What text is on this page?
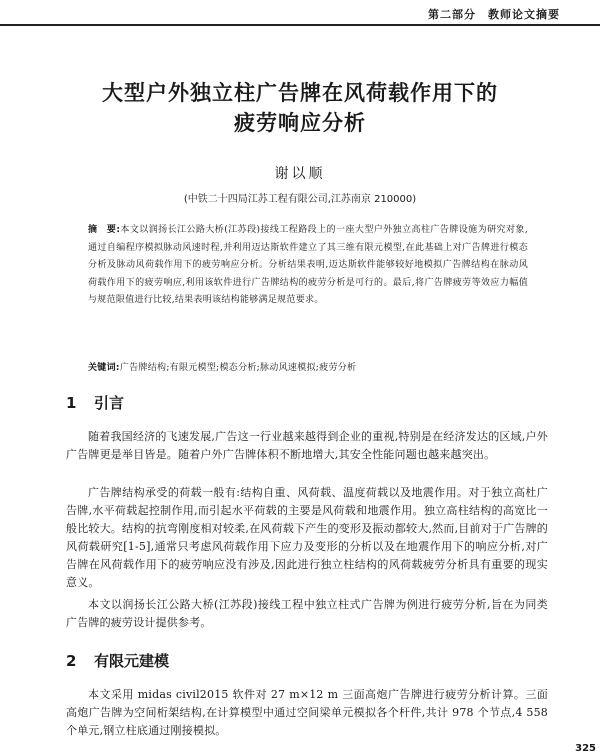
第二部分　教师论文摘要
大型户外独立柱广告牌在风荷载作用下的
疲劳响应分析
谢以顺
(中铁二十四局江苏工程有限公司,江苏南京 210000)
摘　要:本文以润扬长江公路大桥(江苏段)接线工程路段上的一座大型户外独立高柱广告牌设施为研究对象,通过自编程序模拟脉动风速时程,并利用迈达斯软件建立了其三维有限元模型,在此基础上对广告牌进行模态分析及脉动风荷载作用下的疲劳响应分析。分析结果表明,迈达斯软件能够较好地模拟广告牌结构在脉动风荷载作用下的疲劳响应,利用该软件进行广告牌结构的疲劳分析是可行的。最后,将广告牌疲劳等效应力幅值与规范限值进行比较,结果表明该结构能够满足规范要求。
关键词:广告牌结构;有限元模型;模态分析;脉动风速模拟;疲劳分析
1 引言
随着我国经济的飞速发展,广告这一行业越来越得到企业的重视,特别是在经济发达的区域,户外广告牌更是举目皆是。随着户外广告牌体积不断地增大,其安全性能问题也越来越突出。
广告牌结构承受的荷载一般有:结构自重、风荷载、温度荷载以及地震作用。对于独立高杜广告牌,水平荷载起控制作用,而引起水平荷载的主要是风荷载和地震作用。独立高柱结构的高宽比一般比较大。结构的抗弯刚度相对较柔,在风荷载下产生的变形及振动都较大,然而,目前对于广告牌的风荷载研究[1-5],通常只考虑风荷载作用下应力及变形的分析以及在地震作用下的响应分析,对广告牌在风荷载作用下的疲劳响应没有涉及,因此进行独立柱结构的风荷载疲劳分析具有重要的现实意义。
本文以润扬长江公路大桥(江苏段)接线工程中独立柱式广告牌为例进行疲劳分析,旨在为同类广告牌的疲劳设计提供参考。
2 有限元建模
本文采用 midas civil2015 软件对 27 m×12 m 三面高炮广告牌进行疲劳分析计算。三面高炮广告牌为空间桁架结构,在计算模型中通过空间梁单元模拟各个杆件,共计 978 个节点,4 558 个单元,钢立柱底通过刚接模拟。
325
